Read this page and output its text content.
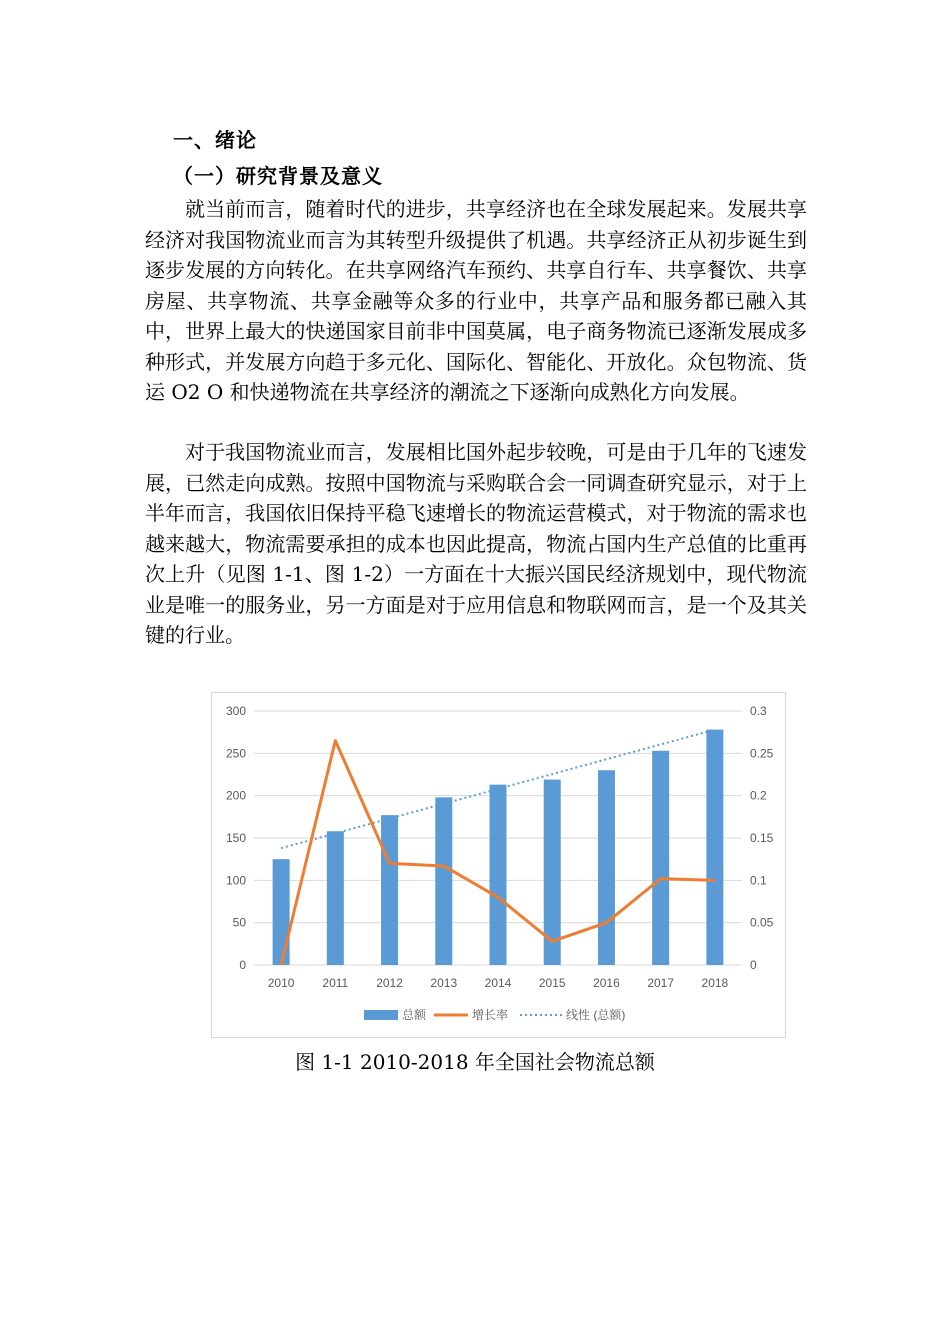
一、绪论
（一）研究背景及意义

就当前而言，随着时代的进步，共享经济也在全球发展起来。发展共享经济对我国物流业而言为其转型升级提供了机遇。共享经济正从初步诞生到逐步发展的方向转化。在共享网络汽车预约、共享自行车、共享餐饮、共享房屋、共享物流、共享金融等众多的行业中，共享产品和服务都已融入其中，世界上最大的快递国家目前非中国莫属，电子商务物流已逐渐发展成多种形式，并发展方向趋于多元化、国际化、智能化、开放化。众包物流、货运 O2 O 和快递物流在共享经济的潮流之下逐渐向成熟化方向发展。

对于我国物流业而言，发展相比国外起步较晚，可是由于几年的飞速发展，已然走向成熟。按照中国物流与采购联合会一同调查研究显示，对于上半年而言，我国依旧保持平稳飞速增长的物流运营模式，对于物流的需求也越来越大，物流需要承担的成本也因此提高，物流占国内生产总值的比重再次上升（见图 1-1、图 1-2）一方面在十大振兴国民经济规划中，现代物流业是唯一的服务业，另一方面是对于应用信息和物联网而言，是一个及其关键的行业。

0
50
100
150
200
250
300
0
0.05
0.1
0.15
0.2
0.25
0.3
2010 2011 2012 2013 2014 2015 2016 2017 2018
总额	增长率	线性 (总额)
图 1-1 2010-2018 年全国社会物流总额
